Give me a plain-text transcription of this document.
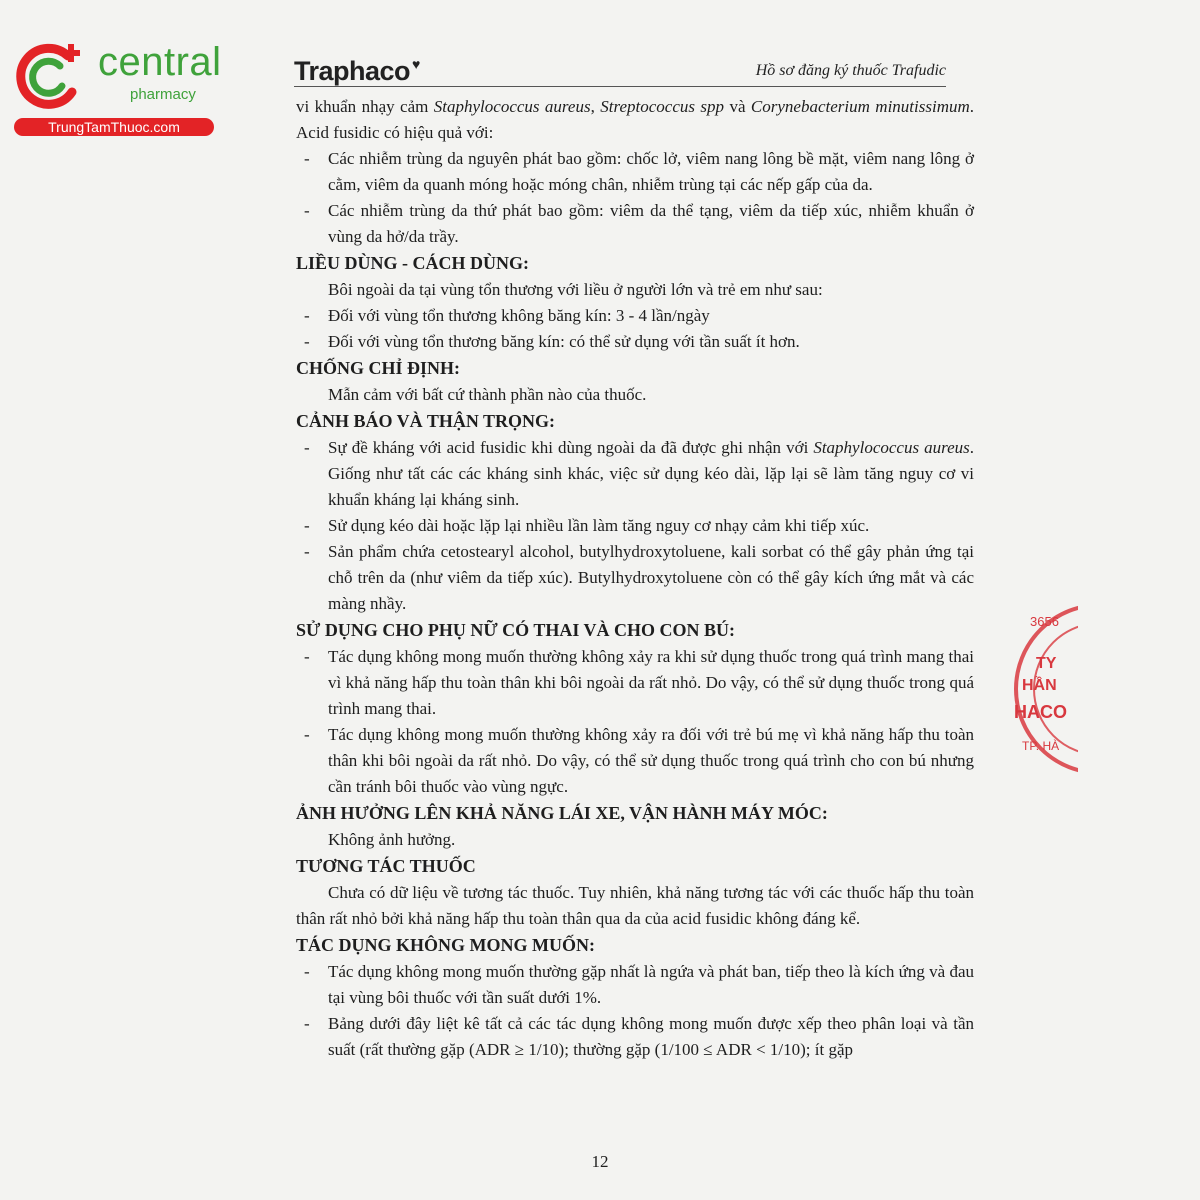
central
pharmacy
TrungTamThuoc.com
Traphaco ♥	Hồ sơ đăng ký thuốc Trafudic

vi khuẩn nhạy cảm Staphylococcus aureus, Streptococcus spp và Corynebacterium minutissimum. Acid fusidic có hiệu quả với:

- Các nhiễm trùng da nguyên phát bao gồm: chốc lở, viêm nang lông bề mặt, viêm nang lông ở cằm, viêm da quanh móng hoặc móng chân, nhiễm trùng tại các nếp gấp của da.
- Các nhiễm trùng da thứ phát bao gồm: viêm da thể tạng, viêm da tiếp xúc, nhiễm khuẩn ở vùng da hở/da trầy.

LIỀU DÙNG - CÁCH DÙNG:

Bôi ngoài da tại vùng tổn thương với liều ở người lớn và trẻ em như sau:

- Đối với vùng tổn thương không băng kín: 3 - 4 lần/ngày
- Đối với vùng tổn thương băng kín: có thể sử dụng với tần suất ít hơn.

CHỐNG CHỈ ĐỊNH:

Mẫn cảm với bất cứ thành phần nào của thuốc.

CẢNH BÁO VÀ THẬN TRỌNG:

- Sự đề kháng với acid fusidic khi dùng ngoài da đã được ghi nhận với Staphylococcus aureus. Giống như tất các các kháng sinh khác, việc sử dụng kéo dài, lặp lại sẽ làm tăng nguy cơ vi khuẩn kháng lại kháng sinh.
- Sử dụng kéo dài hoặc lặp lại nhiều lần làm tăng nguy cơ nhạy cảm khi tiếp xúc.
- Sản phẩm chứa cetostearyl alcohol, butylhydroxytoluene, kali sorbat có thể gây phản ứng tại chỗ trên da (như viêm da tiếp xúc). Butylhydroxytoluene còn có thể gây kích ứng mắt và các màng nhầy.

SỬ DỤNG CHO PHỤ NỮ CÓ THAI VÀ CHO CON BÚ:

- Tác dụng không mong muốn thường không xảy ra khi sử dụng thuốc trong quá trình mang thai vì khả năng hấp thu toàn thân khi bôi ngoài da rất nhỏ. Do vậy, có thể sử dụng thuốc trong quá trình mang thai.
- Tác dụng không mong muốn thường không xảy ra đối với trẻ bú mẹ vì khả năng hấp thu toàn thân khi bôi ngoài da rất nhỏ. Do vậy, có thể sử dụng thuốc trong quá trình cho con bú nhưng cần tránh bôi thuốc vào vùng ngực.

ẢNH HƯỞNG LÊN KHẢ NĂNG LÁI XE, VẬN HÀNH MÁY MÓC:

Không ảnh hưởng.

TƯƠNG TÁC THUỐC

Chưa có dữ liệu về tương tác thuốc. Tuy nhiên, khả năng tương tác với các thuốc hấp thu toàn thân rất nhỏ bởi khả năng hấp thu toàn thân qua da của acid fusidic không đáng kể.

TÁC DỤNG KHÔNG MONG MUỐN:

- Tác dụng không mong muốn thường gặp nhất là ngứa và phát ban, tiếp theo là kích ứng và đau tại vùng bôi thuốc với tần suất dưới 1%.
- Bảng dưới đây liệt kê tất cả các tác dụng không mong muốn được xếp theo phân loại và tần suất (rất thường gặp (ADR ≥ 1/10); thường gặp (1/100 ≤ ADR < 1/10); ít gặp
3656
TY
HẦN
HACO
TP. HÀ
12
